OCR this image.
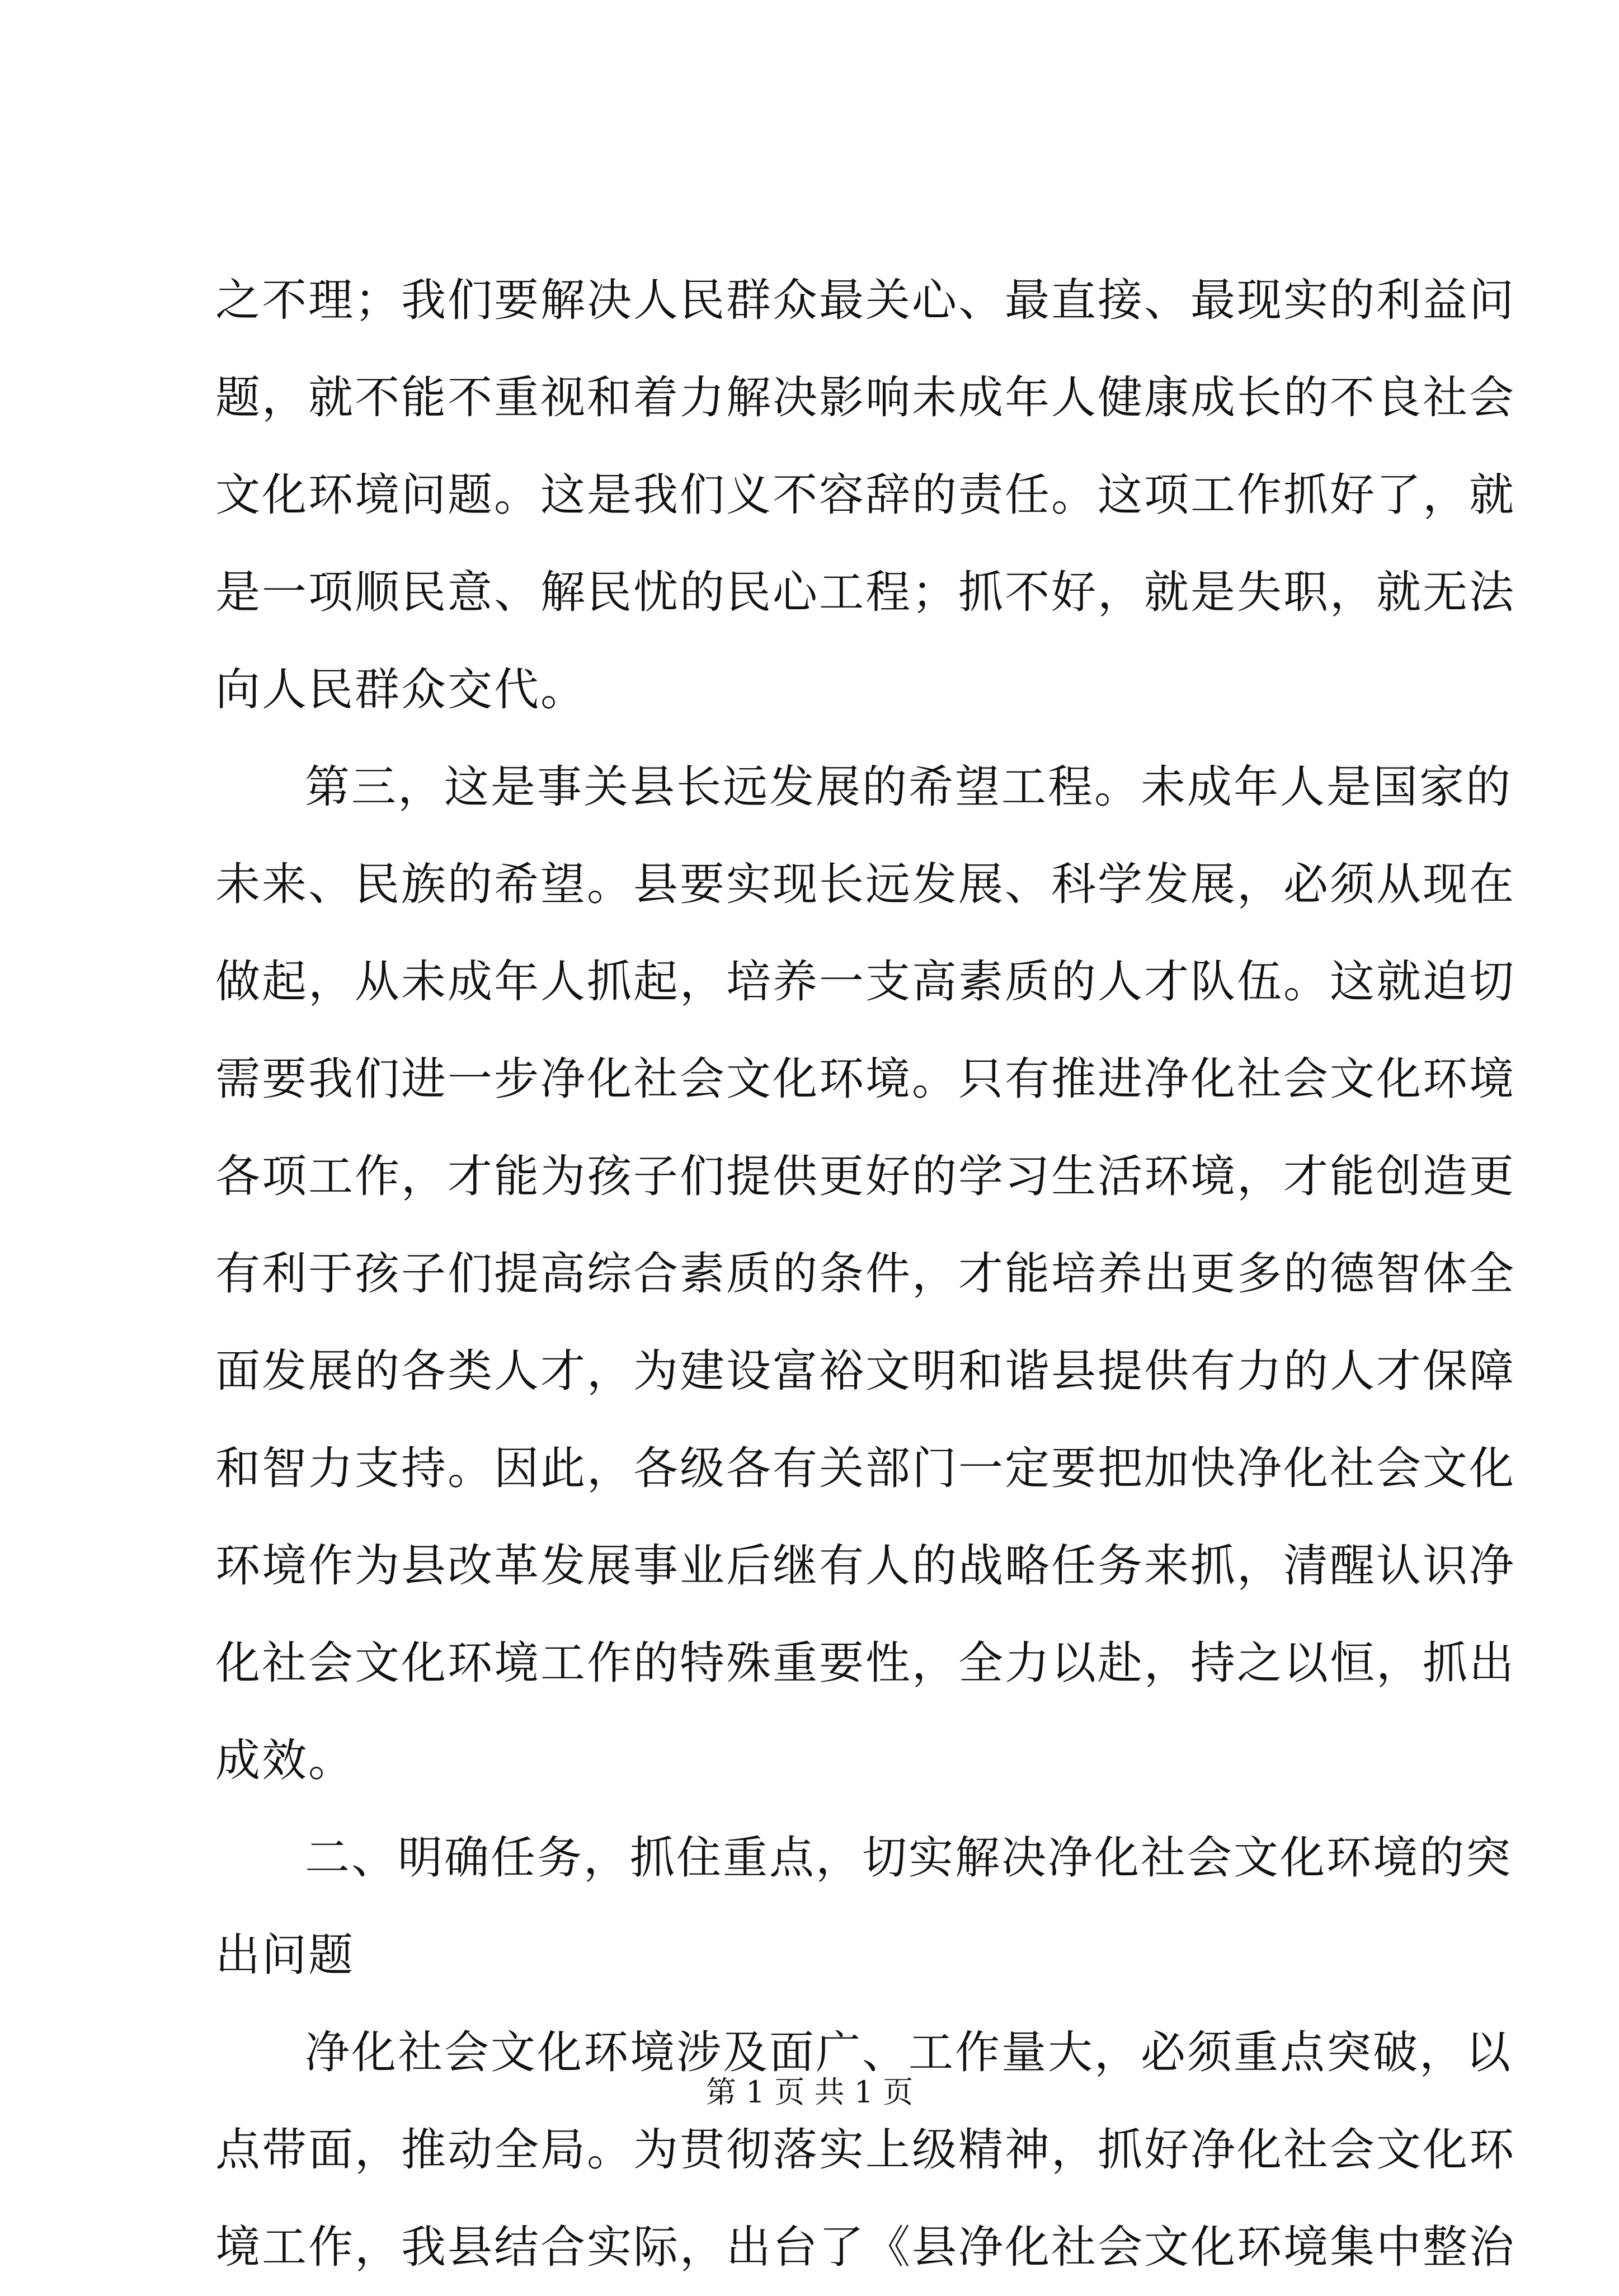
之不理；我们要解决人民群众最关心、最直接、最现实的利益问
题，就不能不重视和着力解决影响未成年人健康成长的不良社会
文化环境问题。这是我们义不容辞的责任。这项工作抓好了，就
是一项顺民意、解民忧的民心工程；抓不好，就是失职，就无法
向人民群众交代。
第三，这是事关县长远发展的希望工程。未成年人是国家的
未来、民族的希望。县要实现长远发展、科学发展，必须从现在
做起，从未成年人抓起，培养一支高素质的人才队伍。这就迫切
需要我们进一步净化社会文化环境。只有推进净化社会文化环境
各项工作，才能为孩子们提供更好的学习生活环境，才能创造更
有利于孩子们提高综合素质的条件，才能培养出更多的德智体全
面发展的各类人才，为建设富裕文明和谐县提供有力的人才保障
和智力支持。因此，各级各有关部门一定要把加快净化社会文化
环境作为县改革发展事业后继有人的战略任务来抓，清醒认识净
化社会文化环境工作的特殊重要性，全力以赴，持之以恒，抓出
成效。
二、明确任务，抓住重点，切实解决净化社会文化环境的突
出问题
净化社会文化环境涉及面广、工作量大，必须重点突破，以
点带面，推动全局。为贯彻落实上级精神，抓好净化社会文化环
境工作，我县结合实际，出台了《县净化社会文化环境集中整治
第 1 页 共 1 页
